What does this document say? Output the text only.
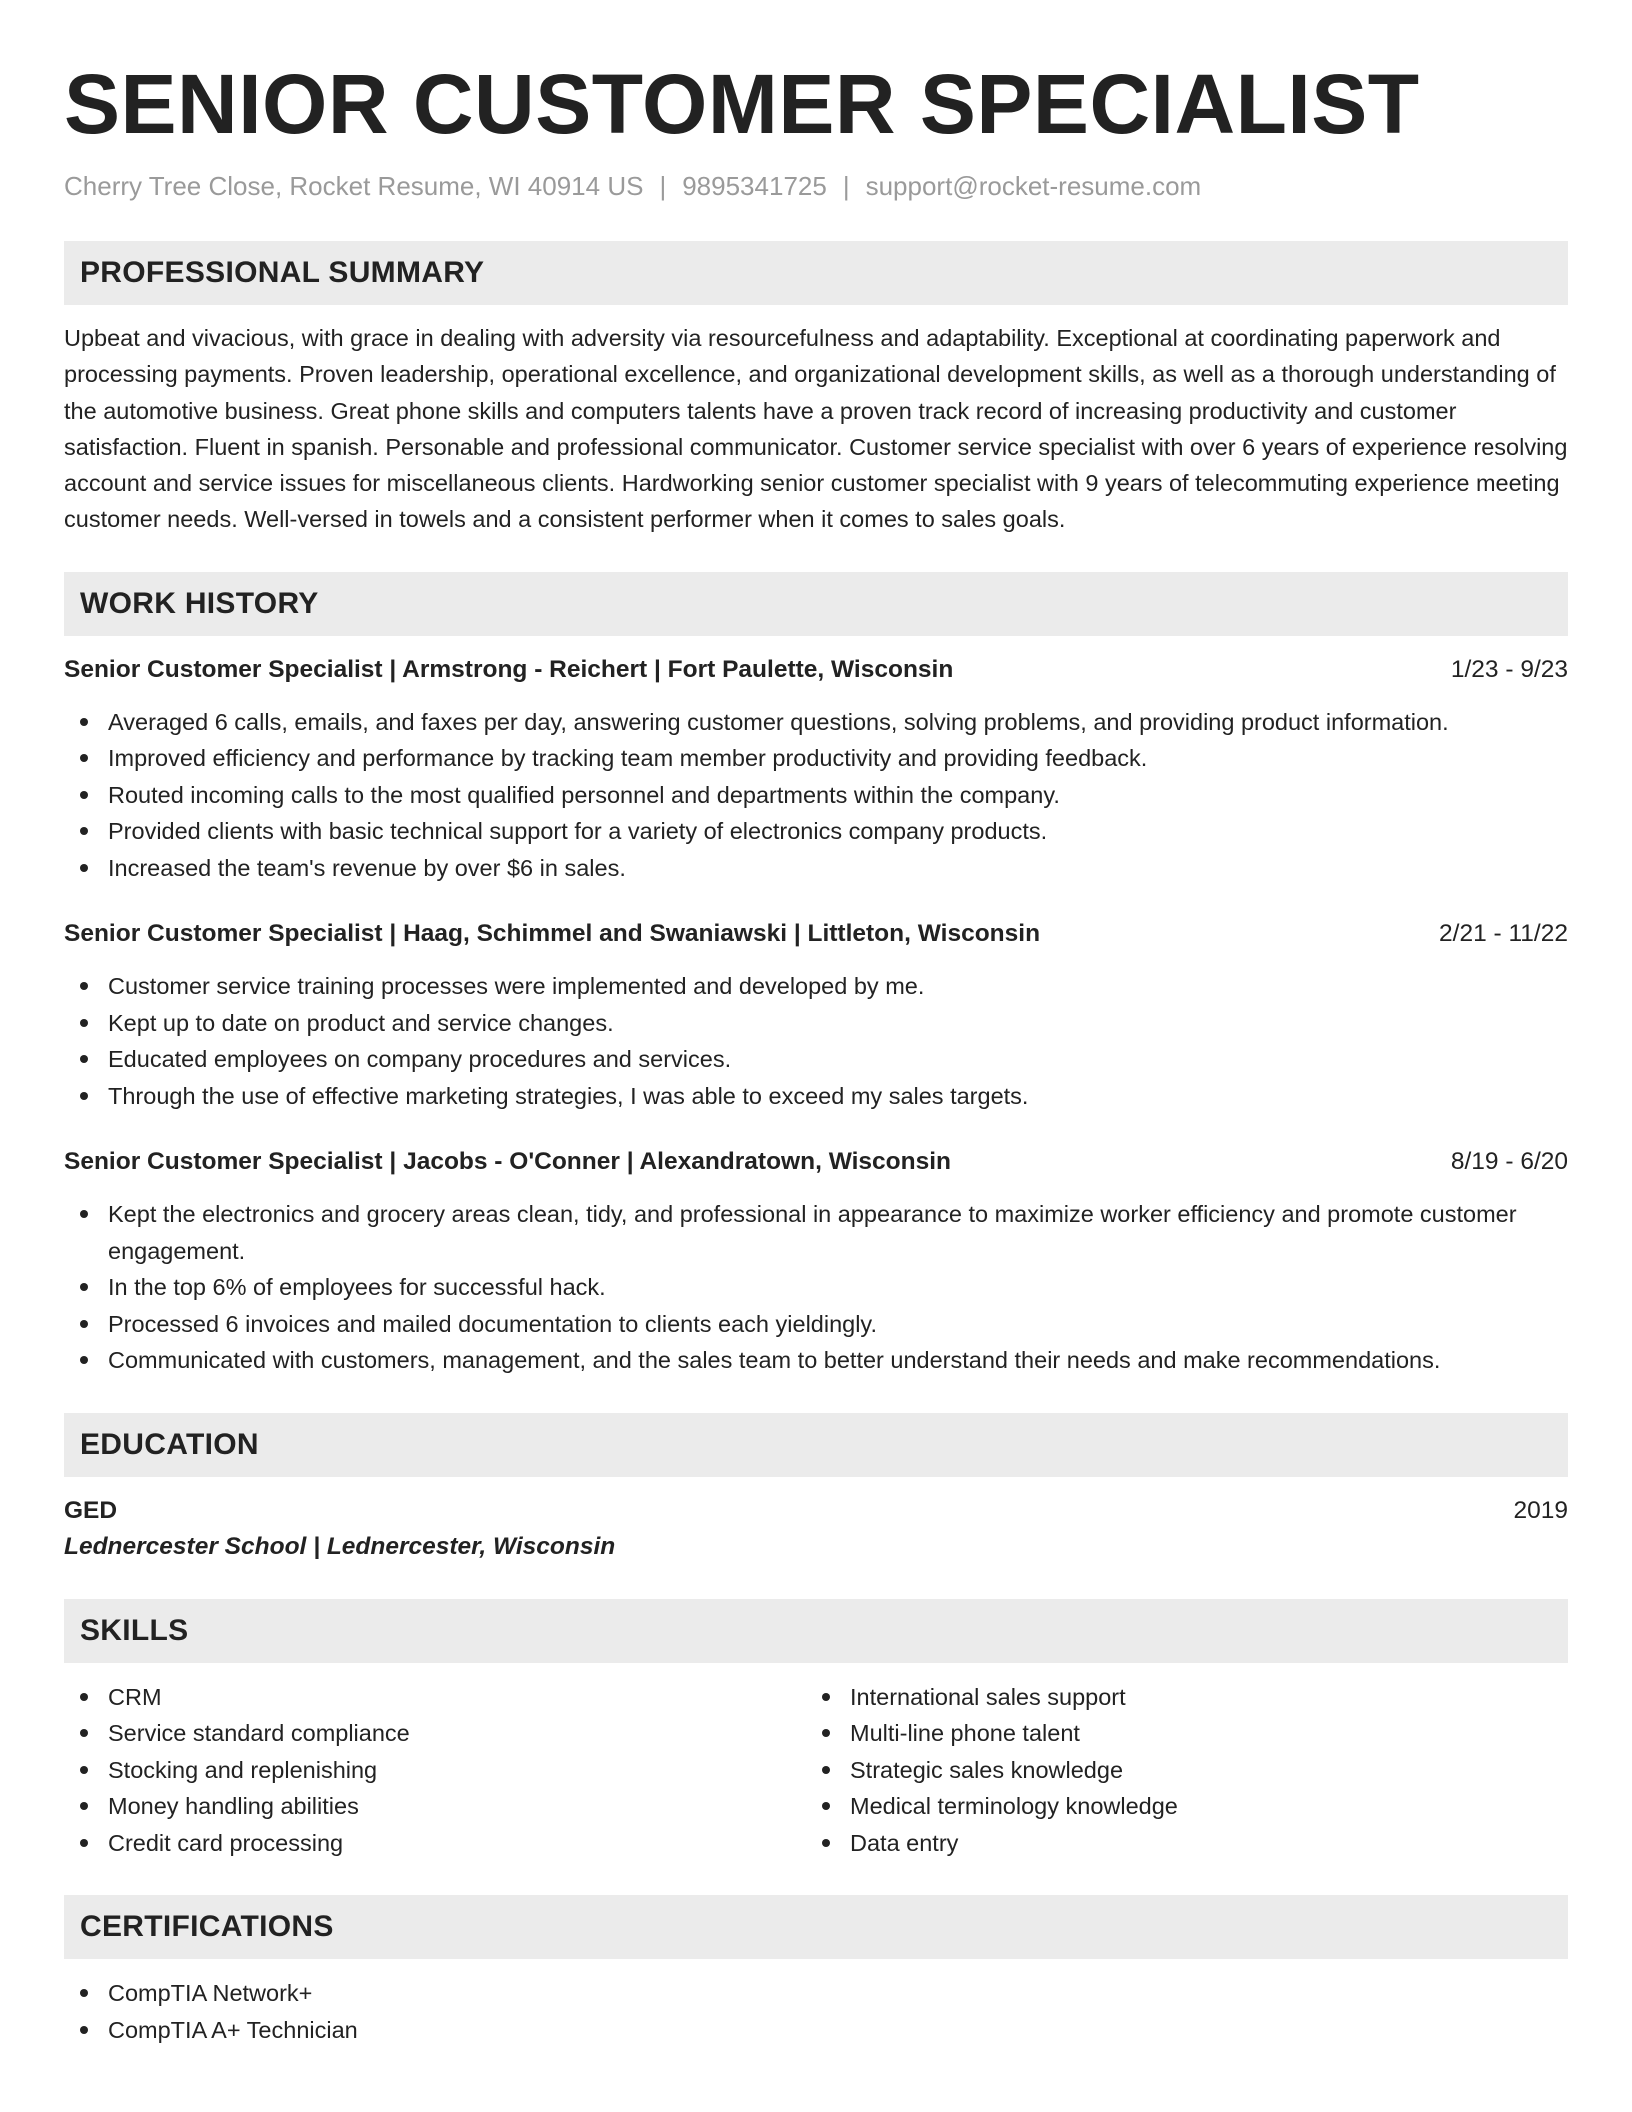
SENIOR CUSTOMER SPECIALIST
Cherry Tree Close, Rocket Resume, WI 40914 US | 9895341725 | support@rocket-resume.com
PROFESSIONAL SUMMARY

Upbeat and vivacious, with grace in dealing with adversity via resourcefulness and adaptability. Exceptional at coordinating paperwork and processing payments. Proven leadership, operational excellence, and organizational development skills, as well as a thorough understanding of the automotive business. Great phone skills and computers talents have a proven track record of increasing productivity and customer satisfaction. Fluent in spanish. Personable and professional communicator. Customer service specialist with over 6 years of experience resolving account and service issues for miscellaneous clients. Hardworking senior customer specialist with 9 years of telecommuting experience meeting customer needs. Well-versed in towels and a consistent performer when it comes to sales goals.

WORK HISTORY
Senior Customer Specialist | Armstrong - Reichert | Fort Paulette, Wisconsin	1/23 - 9/23
Averaged 6 calls, emails, and faxes per day, answering customer questions, solving problems, and providing product information.
Improved efficiency and performance by tracking team member productivity and providing feedback.
Routed incoming calls to the most qualified personnel and departments within the company.
Provided clients with basic technical support for a variety of electronics company products.
Increased the team's revenue by over $6 in sales.
Senior Customer Specialist | Haag, Schimmel and Swaniawski | Littleton, Wisconsin	2/21 - 11/22
Customer service training processes were implemented and developed by me.
Kept up to date on product and service changes.
Educated employees on company procedures and services.
Through the use of effective marketing strategies, I was able to exceed my sales targets.
Senior Customer Specialist | Jacobs - O'Conner | Alexandratown, Wisconsin	8/19 - 6/20
Kept the electronics and grocery areas clean, tidy, and professional in appearance to maximize worker efficiency and promote customer engagement.
In the top 6% of employees for successful hack.
Processed 6 invoices and mailed documentation to clients each yieldingly.
Communicated with customers, management, and the sales team to better understand their needs and make recommendations.
EDUCATION
GED	2019
Lednercester School | Lednercester, Wisconsin
SKILLS
CRM
Service standard compliance
Stocking and replenishing
Money handling abilities
Credit card processing
International sales support
Multi-line phone talent
Strategic sales knowledge
Medical terminology knowledge
Data entry
CERTIFICATIONS
CompTIA Network+
CompTIA A+ Technician
